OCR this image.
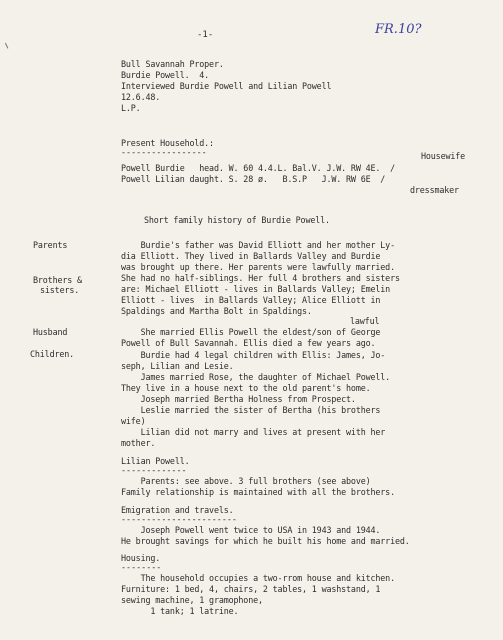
-1-	FR.10?
Bull Savannah Proper.
Burdie Powell.  4.
Interviewed Burdie Powell and Lilian Powell
12.6.48.
L.P.
Present Household.:
-----------------	Housewife
Powell Burdie   head. W. 60 4.4.L. Bal.V. J.W. RW 4E.  /
Powell Lilian daught. S. 28 ø.   B.S.P   J.W. RW 6E  /
dressmaker
Short family history of Burdie Powell.
Parents
Brothers &
sisters.
Husband
Children.
Burdie's father was David Elliott and her mother Ly-
dia Elliott. They lived in Ballards Valley and Burdie
was brought up there. Her parents were lawfully married.
She had no half-siblings. Her full 4 brothers and sisters
are: Michael Elliott - lives in Ballards Valley; Emelin
Elliott - lives  in Ballards Valley; Alice Elliott in
Spaldings and Martha Bolt in Spaldings.
lawful
She married Ellis Powell the eldest/son of George
Powell of Bull Savannah. Ellis died a few years ago.
Burdie had 4 legal children with Ellis: James, Jo-
seph, Lilian and Lesie.
James married Rose, the daughter of Michael Powell.
They live in a house next to the old parent's home.
Joseph married Bertha Holness from Prospect.
Leslie married the sister of Bertha (his brothers
wife)
Lilian did not marry and lives at present with her
mother.
Lilian Powell.
-------------
Parents: see above. 3 full brothers (see above)
Family relationship is maintained with all the brothers.
Emigration and travels.
-----------------------
Joseph Powell went twice to USA in 1943 and 1944.
He brought savings for which he built his home and married.
Housing.
--------
The household occupies a two-rrom house and kitchen.
Furniture: 1 bed, 4, chairs, 2 tables, 1 washstand, 1
sewing machine, 1 gramophone,
1 tank; 1 latrine.
